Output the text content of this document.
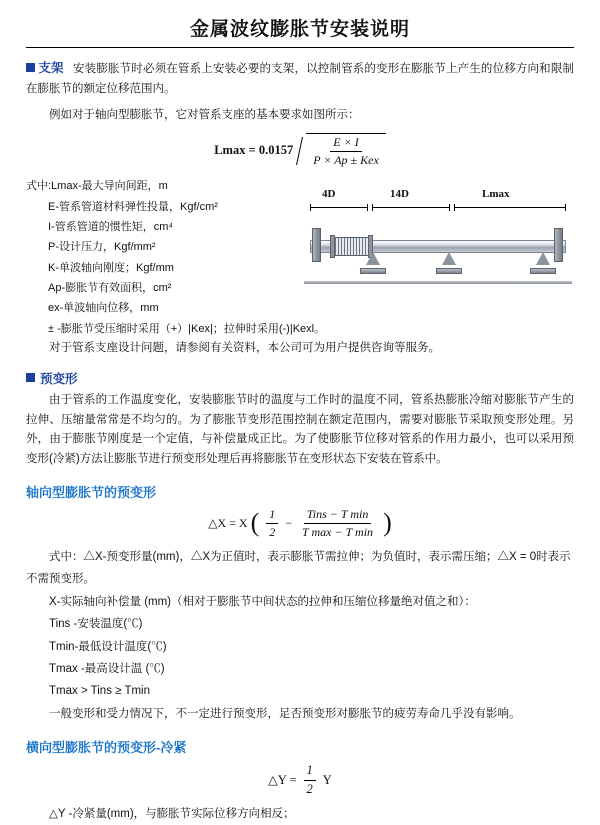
金属波纹膨胀节安装说明

支架 安装膨胀节时必须在管系上安装必要的支架，以控制管系的变形在膨胀节上产生的位移方向和限制在膨胀节的额定位移范围内。

例如对于轴向型膨胀节，它对管系支座的基本要求如图所示：

$Lmax = 0.0157 \frac{E \times I}{\text{P × Ap ± Kex}}$
式中:Lmax-最大导向间距，m
E-管系管道材料弹性投量，Kgf/cm²
I-管系管道的惯性矩，cm⁴
P-设计压力，Kgf/mm²
K-单波轴向刚度；Kgf/mm
Ap-膨胀节有效面积，cm²
ex-单波轴向位移，mm
± -膨胀节受压缩时采用（+）|Kex|；拉伸时采用(-)|Kexl。
4D	14D	Lmax

对于管系支座设计问题，请参阅有关资料，本公司可为用户提供咨询等服务。

预变形

由于管系的工作温度变化，安装膨胀节时的温度与工作时的温度不同，管系热膨胀冷缩对膨胀节产生的拉伸、压缩量常常是不均匀的。为了膨胀节变形范围控制在额定范围内，需要对膨胀节采取预变形处理。另外，由于膨胀节刚度是一个定值，与补偿量成正比。为了使膨胀节位移对管系的作用力最小，也可以采用预变形(冷紧)方法让膨胀节进行预变形处理后再将膨胀节在变形状态下安装在管系中。

轴向型膨胀节的预变形
△X = X ( $\frac{1}{2} - \frac{\text{Tins − T min}}{\text{T max − T min}}$ )
式中：△X-预变形量(mm)，△X为正值时，表示膨胀节需拉伸；为负值时，表示需压缩；△X = 0时表示不需预变形。
X-实际轴向补偿量 (mm)（相对于膨胀节中间状态的拉伸和压缩位移量绝对值之和）：
Tins -安装温度(℃)
Tmin-最低设计温度(℃)
Tmax -最高设计温 (℃)
Tmax > Tins ≥ Tmin
一般变形和受力情况下，不一定进行预变形，足否预变形对膨胀节的疲劳寿命几乎没有影响。
横向型膨胀节的预变形-冷紧
△Y = $\frac{1}{2}$ Y
△Y -冷紧量(mm)，与膨胀节实际位移方向相反；
